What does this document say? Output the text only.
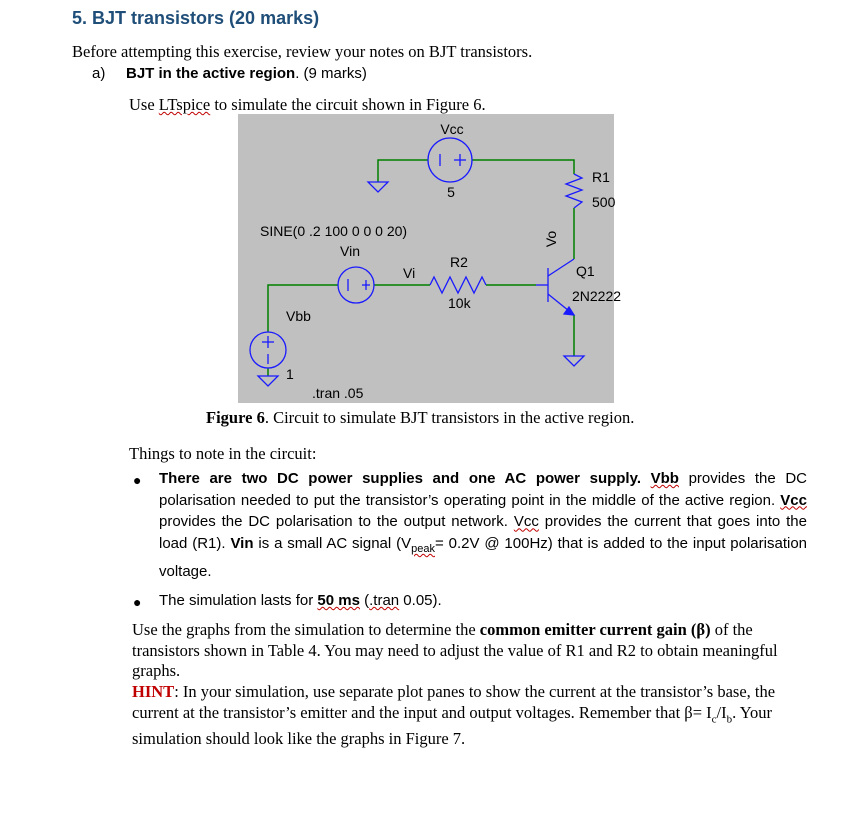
5. BJT transistors (20 marks)
Before attempting this exercise, review your notes on BJT transistors.
a) BJT in the active region. (9 marks)
Use LTspice to simulate the circuit shown in Figure 6.
Vcc
5
R1
500
Vo
SINE(0 .2 100 0 0 0 20)
Vin
Vi
R2
10k
Q1
2N2222
Vbb
1
.tran .05
Figure 6. Circuit to simulate BJT transistors in the active region.
Things to note in the circuit:
● There are two DC power supplies and one AC power supply. Vbb provides the DC polarisation needed to put the transistor’s operating point in the middle of the active region. Vcc provides the DC polarisation to the output network. Vcc provides the current that goes into the load (R1). Vin is a small AC signal ($V_{peak}= 0.2V$ @ 100Hz) that is added to the input polarisation voltage.
● The simulation lasts for 50 ms (.tran 0.05).
Use the graphs from the simulation to determine the common emitter current gain (β) of the transistors shown in Table 4. You may need to adjust the value of R1 and R2 to obtain meaningful graphs.
HINT: In your simulation, use separate plot panes to show the current at the transistor’s base, the current at the transistor’s emitter and the input and output voltages. Remember that $\beta= I_c/I_b$. Your simulation should look like the graphs in Figure 7.
